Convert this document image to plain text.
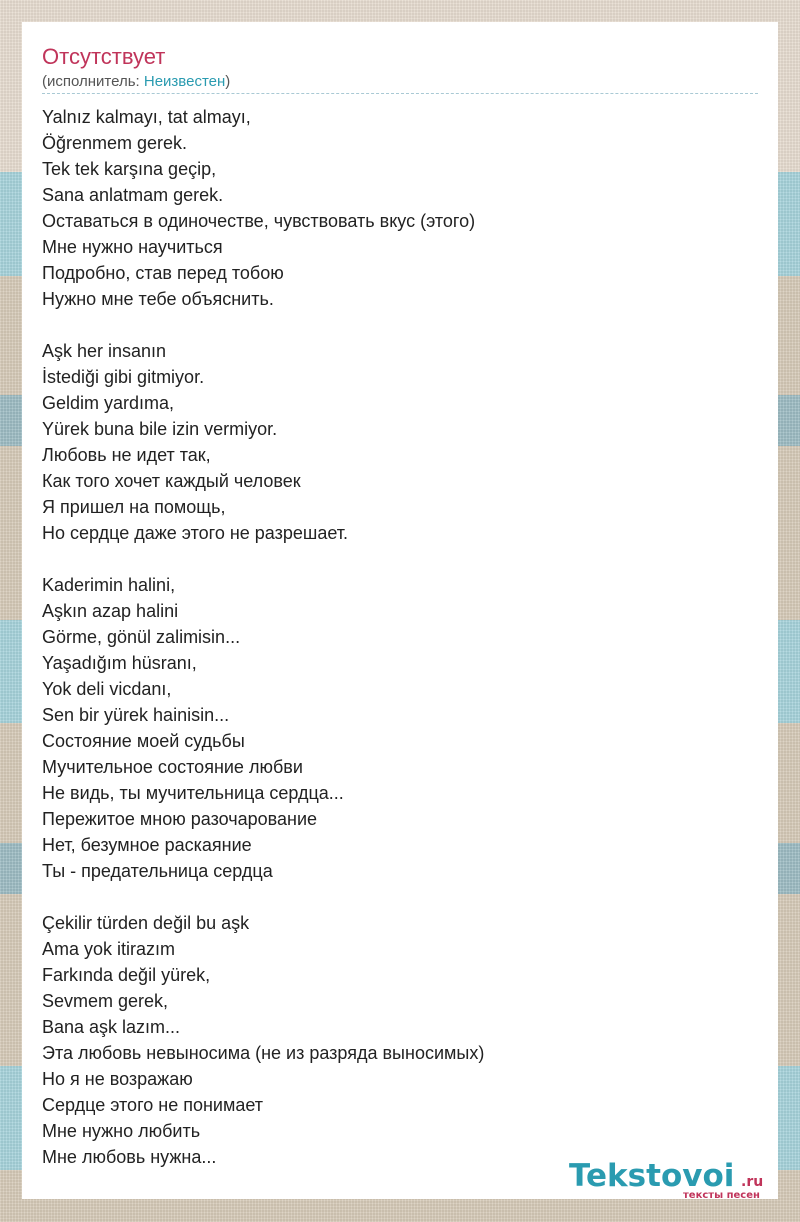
Отсутствует
(исполнитель: Неизвестен)
Yalnız kalmayı, tat almayı,
Öğrenmem gerek.
Tek tek karşına geçip,
Sana anlatmam gerek.
Оставаться в одиночестве, чувствовать вкус (этого)
Мне нужно научиться
Подробно, став перед тобою
Нужно мне тебе объяснить.
Aşk her insanın
İstediği gibi gitmiyor.
Geldim yardıma,
Yürek buna bile izin vermiyor.
Любовь не идет так,
Как того хочет каждый человек
Я пришел на помощь,
Но сердце даже этого не разрешает.
Kaderimin halini,
Aşkın azap halini
Görme, gönül zalimisin...
Yaşadığım hüsranı,
Yok deli vicdanı,
Sen bir yürek hainisin...
Состояние моей судьбы
Мучительное состояние любви
Не видь, ты мучительница сердца...
Пережитое мною разочарование
Нет, безумное раскаяние
Ты - предательница сердца
Çekilir türden değil bu aşk
Ama yok itirazım
Farkında değil yürek,
Sevmem gerek,
Bana aşk lazım...
Эта любовь невыносима (не из разряда выносимых)
Но я не возражаю
Сердце этого не понимает
Мне нужно любить
Мне любовь нужна...
Tekstovoi .ru
тексты песен
